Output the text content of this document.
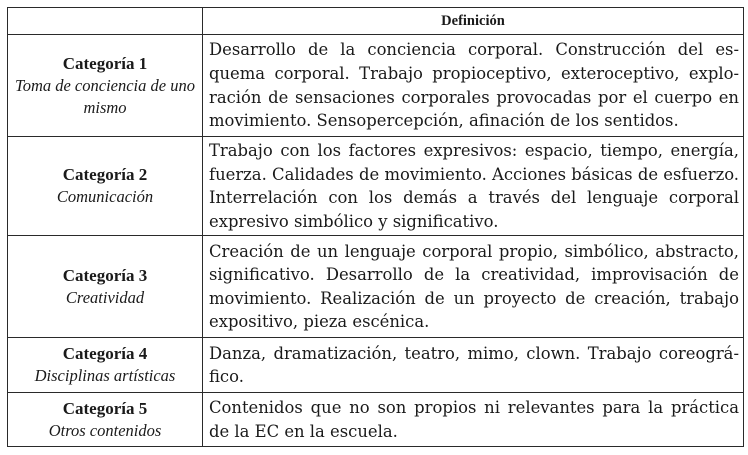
	Definición

Categoría 1
Toma de conciencia de uno mismo	Desarrollo de la conciencia corporal. Construcción del esquema corporal. Trabajo propioceptivo, exteroceptivo, exploración de sensaciones corporales provocadas por el cuerpo en movimiento. Sensopercepción, afinación de los sentidos.

Categoría 2
Comunicación	Trabajo con los factores expresivos: espacio, tiempo, energía, fuerza. Calidades de movimiento. Acciones básicas de esfuerzo. Interrelación con los demás a través del lenguaje corporal expresivo simbólico y significativo.

Categoría 3
Creatividad	Creación de un lenguaje corporal propio, simbólico, abstracto, significativo. Desarrollo de la creatividad, improvisación de movimiento. Realización de un proyecto de creación, trabajo expositivo, pieza escénica.

Categoría 4
Disciplinas artísticas	Danza, dramatización, teatro, mimo, clown. Trabajo coreográfico.

Categoría 5
Otros contenidos	Contenidos que no son propios ni relevantes para la práctica de la EC en la escuela.
